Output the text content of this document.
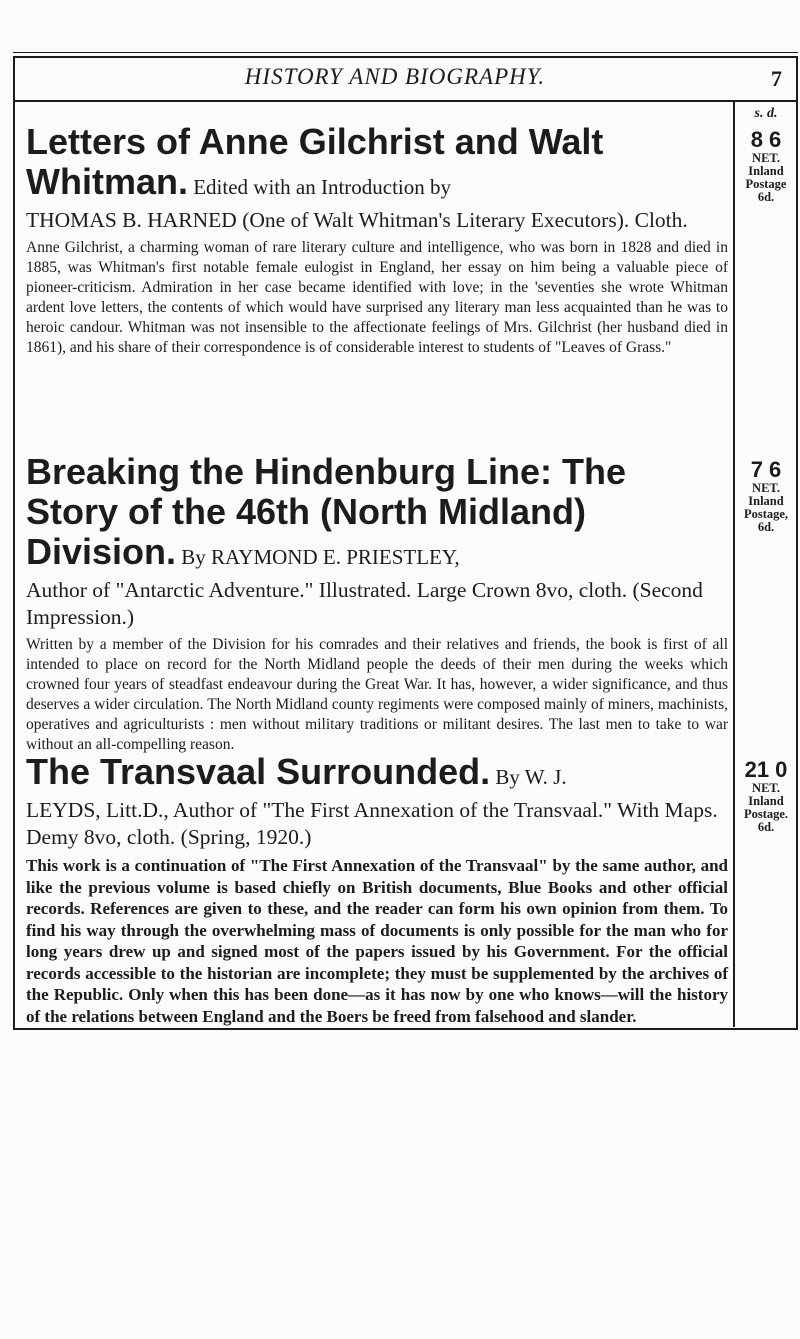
HISTORY AND BIOGRAPHY.	7
s. d.
Letters of Anne Gilchrist and Walt Whitman. Edited with an Introduction by
THOMAS B. HARNED (One of Walt Whitman's Literary Executors). Cloth.
Anne Gilchrist, a charming woman of rare literary culture and intelligence, who was born in 1828 and died in 1885, was Whitman's first notable female eulogist in England, her essay on him being a valuable piece of pioneer-criticism. Admiration in her case became identified with love; in the 'seventies she wrote Whitman ardent love letters, the contents of which would have surprised any literary man less acquainted than he was to heroic candour. Whitman was not insensible to the affectionate feelings of Mrs. Gilchrist (her husband died in 1861), and his share of their correspondence is of considerable interest to students of "Leaves of Grass."
8 6
NET.
Inland
Postage
6d.
Breaking the Hindenburg Line: The Story of the 46th (North Midland) Division. By RAYMOND E. PRIESTLEY,
Author of "Antarctic Adventure." Illustrated. Large Crown 8vo, cloth. (Second Impression.)
Written by a member of the Division for his comrades and their relatives and friends, the book is first of all intended to place on record for the North Midland people the deeds of their men during the weeks which crowned four years of steadfast endeavour during the Great War. It has, however, a wider significance, and thus deserves a wider circulation. The North Midland county regiments were composed mainly of miners, machinists, operatives and agriculturists : men without military traditions or militant desires. The last men to take to war without an all-compelling reason.
7 6
NET.
Inland
Postage,
6d.
The Transvaal Surrounded. By W. J.
LEYDS, Litt.D., Author of "The First Annexation of the Transvaal." With Maps. Demy 8vo, cloth. (Spring, 1920.)
This work is a continuation of "The First Annexation of the Transvaal" by the same author, and like the previous volume is based chiefly on British documents, Blue Books and other official records. References are given to these, and the reader can form his own opinion from them. To find his way through the overwhelming mass of documents is only possible for the man who for long years drew up and signed most of the papers issued by his Government. For the official records accessible to the historian are incomplete; they must be supplemented by the archives of the Republic. Only when this has been done—as it has now by one who knows—will the history of the relations between England and the Boers be freed from falsehood and slander.
21 0
NET.
Inland
Postage.
6d.
